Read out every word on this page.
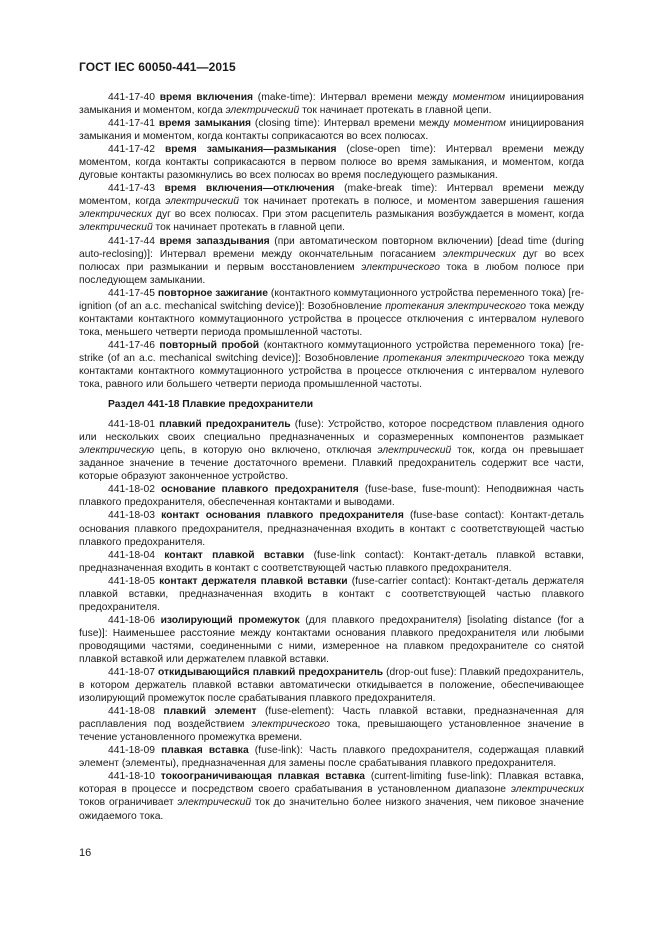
ГОСТ IEC 60050-441—2015

441-17-40 время включения (make-time): Интервал времени между моментом инициирования замыкания и моментом, когда электрический ток начинает протекать в главной цепи.

441-17-41 время замыкания (closing time): Интервал времени между моментом инициирования замыкания и моментом, когда контакты соприкасаются во всех полюсах.

441-17-42 время замыкания—размыкания (close-open time): Интервал времени между моментом, когда контакты соприкасаются в первом полюсе во время замыкания, и моментом, когда дуговые контакты разомкнулись во всех полюсах во время последующего размыкания.

441-17-43 время включения—отключения (make-break time): Интервал времени между моментом, когда электрический ток начинает протекать в полюсе, и моментом завершения гашения электрических дуг во всех полюсах. При этом расцепитель размыкания возбуждается в момент, когда электрический ток начинает протекать в главной цепи.

441-17-44 время запаздывания (при автоматическом повторном включении) [dead time (during auto-reclosing)]: Интервал времени между окончательным погасанием электрических дуг во всех полюсах при размыкании и первым восстановлением электрического тока в любом полюсе при последующем замыкании.

441-17-45 повторное зажигание (контактного коммутационного устройства переменного тока) [re-ignition (of an a.c. mechanical switching device)]: Возобновление протекания электрического тока между контактами контактного коммутационного устройства в процессе отключения с интервалом нулевого тока, меньшего четверти периода промышленной частоты.

441-17-46 повторный пробой (контактного коммутационного устройства переменного тока) [re-strike (of an a.c. mechanical switching device)]: Возобновление протекания электрического тока между контактами контактного коммутационного устройства в процессе отключения с интервалом нулевого тока, равного или большего четверти периода промышленной частоты.

Раздел 441-18 Плавкие предохранители

441-18-01 плавкий предохранитель (fuse): Устройство, которое посредством плавления одного или нескольких своих специально предназначенных и соразмеренных компонентов размыкает электрическую цепь, в которую оно включено, отключая электрический ток, когда он превышает заданное значение в течение достаточного времени. Плавкий предохранитель содержит все части, которые образуют законченное устройство.

441-18-02 основание плавкого предохранителя (fuse-base, fuse-mount): Неподвижная часть плавкого предохранителя, обеспеченная контактами и выводами.

441-18-03 контакт основания плавкого предохранителя (fuse-base contact): Контакт-деталь основания плавкого предохранителя, предназначенная входить в контакт с соответствующей частью плавкого предохранителя.

441-18-04 контакт плавкой вставки (fuse-link contact): Контакт-деталь плавкой вставки, предназначенная входить в контакт с соответствующей частью плавкого предохранителя.

441-18-05 контакт держателя плавкой вставки (fuse-carrier contact): Контакт-деталь держателя плавкой вставки, предназначенная входить в контакт с соответствующей частью плавкого предохранителя.

441-18-06 изолирующий промежуток (для плавкого предохранителя) [isolating distance (for a fuse)]: Наименьшее расстояние между контактами основания плавкого предохранителя или любыми проводящими частями, соединенными с ними, измеренное на плавком предохранителе со снятой плавкой вставкой или держателем плавкой вставки.

441-18-07 откидывающийся плавкий предохранитель (drop-out fuse): Плавкий предохранитель, в котором держатель плавкой вставки автоматически откидывается в положение, обеспечивающее изолирующий промежуток после срабатывания плавкого предохранителя.

441-18-08 плавкий элемент (fuse-element): Часть плавкой вставки, предназначенная для расплавления под воздействием электрического тока, превышающего установленное значение в течение установленного промежутка времени.

441-18-09 плавкая вставка (fuse-link): Часть плавкого предохранителя, содержащая плавкий элемент (элементы), предназначенная для замены после срабатывания плавкого предохранителя.

441-18-10 токоограничивающая плавкая вставка (current-limiting fuse-link): Плавкая вставка, которая в процессе и посредством своего срабатывания в установленном диапазоне электрических токов ограничивает электрический ток до значительно более низкого значения, чем пиковое значение ожидаемого тока.

16
